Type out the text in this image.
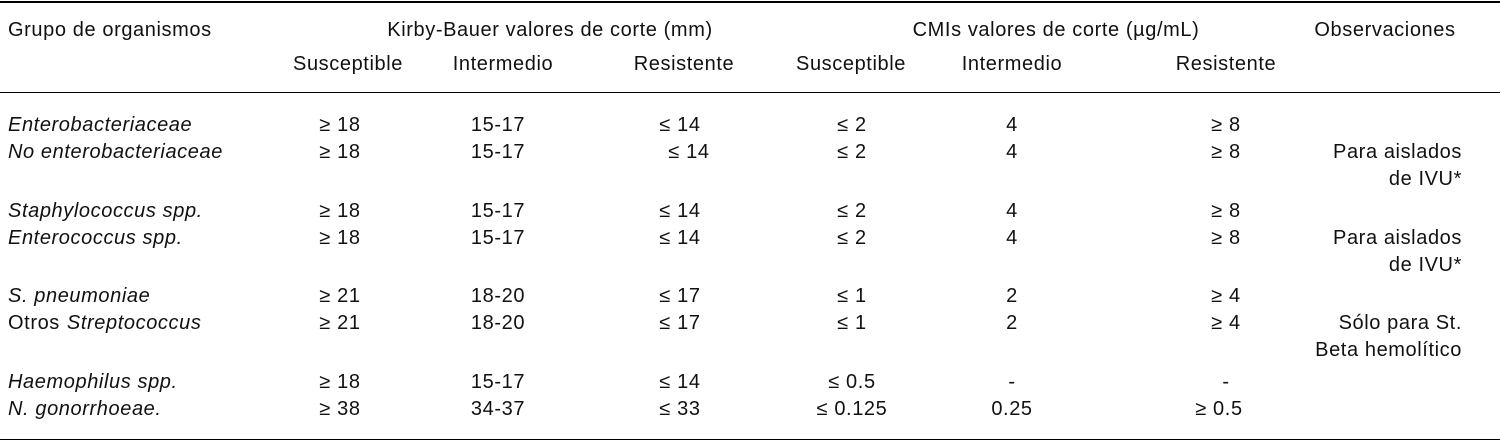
Grupo de organismos	Kirby-Bauer valores de corte (mm)	CMIs valores de corte (µg/mL)	Observaciones
Susceptible	Intermedio	Resistente	Susceptible	Intermedio	Resistente
Enterobacteriaceae	≥ 18	15-17	≤ 14	≤ 2	4	≥ 8
No enterobacteriaceae	≥ 18	15-17	≤ 14	≤ 2	4	≥ 8	Para aislados
de IVU*
Staphylococcus spp.	≥ 18	15-17	≤ 14	≤ 2	4	≥ 8
Enterococcus spp.	≥ 18	15-17	≤ 14	≤ 2	4	≥ 8	Para aislados
de IVU*
S. pneumoniae	≥ 21	18-20	≤ 17	≤ 1	2	≥ 4
Otros Streptococcus	≥ 21	18-20	≤ 17	≤ 1	2	≥ 4	Sólo para St.
Beta hemolítico
Haemophilus spp.	≥ 18	15-17	≤ 14	≤ 0.5	-	-
N. gonorrhoeae.	≥ 38	34-37	≤ 33	≤ 0.125	0.25	≥ 0.5
